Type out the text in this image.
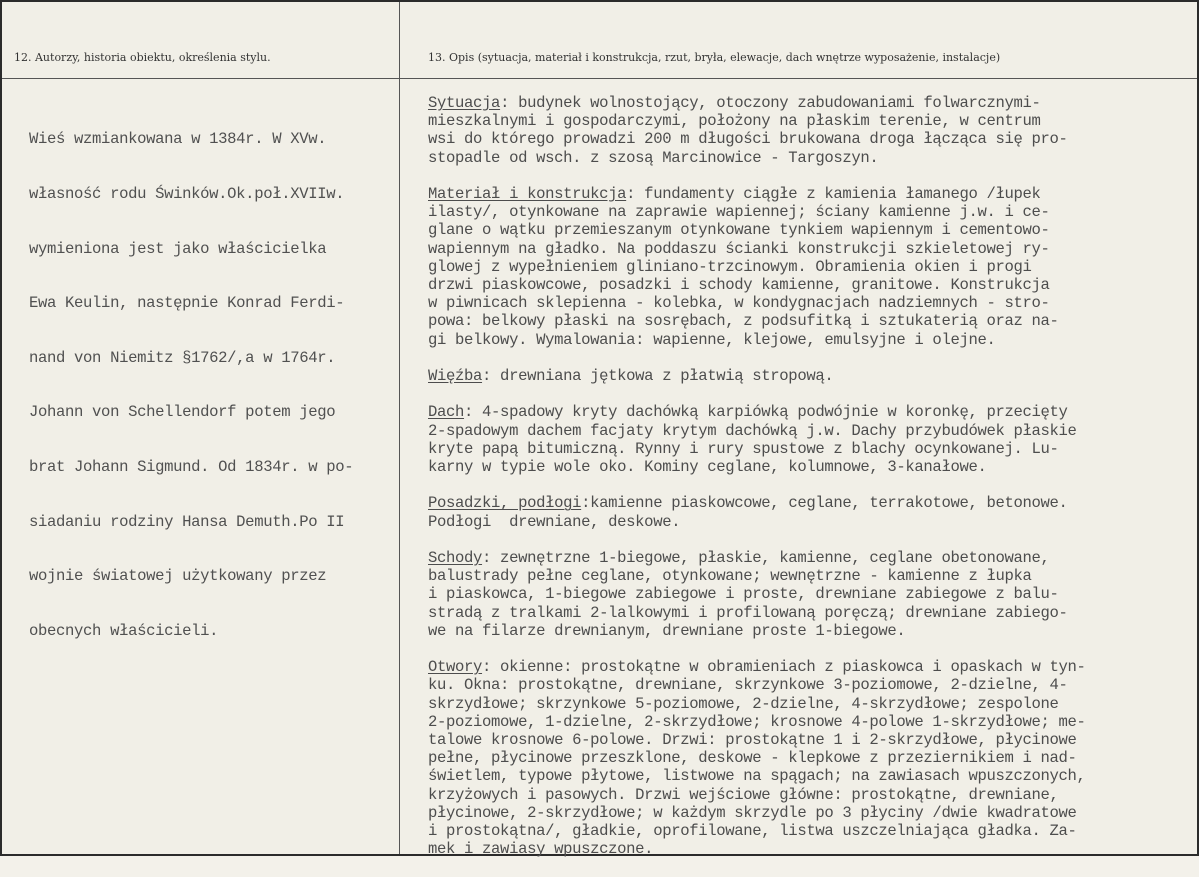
12. Autorzy, historia obiektu, określenia stylu.	13. Opis (sytuacja, materiał i konstrukcja, rzut, bryła, elewacje, dach wnętrze wyposażenie, instalacje)

Wieś wzmiankowana w 1384r. W XVw.

własność rodu Świnków.Ok.poł.XVIIw.

wymieniona jest jako właścicielka

Ewa Keulin, następnie Konrad Ferdi-

nand von Niemitz §1762/,a w 1764r.

Johann von Schellendorf potem jego

brat Johann Sigmund. Od 1834r. w po-

siadaniu rodziny Hansa Demuth.Po II

wojnie światowej użytkowany przez

obecnych właścicieli.

Sytuacja: budynek wolnostojący, otoczony zabudowaniami folwarcznymi-
mieszkalnymi i gospodarczymi, położony na płaskim terenie, w centrum
wsi do którego prowadzi 200 m długości brukowana droga łącząca się pro-
stopadle od wsch. z szosą Marcinowice - Targoszyn.
Materiał i konstrukcja: fundamenty ciągłe z kamienia łamanego /łupek
ilasty/, otynkowane na zaprawie wapiennej; ściany kamienne j.w. i ce-
glane o wątku przemieszanym otynkowane tynkiem wapiennym i cementowo-
wapiennym na gładko. Na poddaszu ścianki konstrukcji szkieletowej ry-
glowej z wypełnieniem gliniano-trzcinowym. Obramienia okien i progi
drzwi piaskowcowe, posadzki i schody kamienne, granitowe. Konstrukcja
w piwnicach sklepienna - kolebka, w kondygnacjach nadziemnych - stro-
powa: belkowy płaski na sosrębach, z podsufitką i sztukaterią oraz na-
gi belkowy. Wymalowania: wapienne, klejowe, emulsyjne i olejne.
Więźba: drewniana jętkowa z płatwią stropową.
Dach: 4-spadowy kryty dachówką karpiówką podwójnie w koronkę, przecięty
2-spadowym dachem facjaty krytym dachówką j.w. Dachy przybudówek płaskie
kryte papą bitumiczną. Rynny i rury spustowe z blachy ocynkowanej. Lu-
karny w typie wole oko. Kominy ceglane, kolumnowe, 3-kanałowe.
Posadzki, podłogi:kamienne piaskowcowe, ceglane, terrakotowe, betonowe.
Podłogi  drewniane, deskowe.
Schody: zewnętrzne 1-biegowe, płaskie, kamienne, ceglane obetonowane,
balustrady pełne ceglane, otynkowane; wewnętrzne - kamienne z łupka
i piaskowca, 1-biegowe zabiegowe i proste, drewniane zabiegowe z balu-
stradą z tralkami 2-lalkowymi i profilowaną poręczą; drewniane zabiego-
we na filarze drewnianym, drewniane proste 1-biegowe.
Otwory: okienne: prostokątne w obramieniach z piaskowca i opaskach w tyn-
ku. Okna: prostokątne, drewniane, skrzynkowe 3-poziomowe, 2-dzielne, 4-
skrzydłowe; skrzynkowe 5-poziomowe, 2-dzielne, 4-skrzydłowe; zespolone
2-poziomowe, 1-dzielne, 2-skrzydłowe; krosnowe 4-polowe 1-skrzydłowe; me-
talowe krosnowe 6-polowe. Drzwi: prostokątne 1 i 2-skrzydłowe, płycinowe
pełne, płycinowe przeszklone, deskowe - klepkowe z przeziernikiem i nad-
świetlem, typowe płytowe, listwowe na spągach; na zawiasach wpuszczonych,
krzyżowych i pasowych. Drzwi wejściowe główne: prostokątne, drewniane,
płycinowe, 2-skrzydłowe; w każdym skrzydle po 3 płyciny /dwie kwadratowe
i prostokątna/, gładkie, oprofilowane, listwa uszczelniająca gładka. Za-
mek i zawiasy wpuszczone.
